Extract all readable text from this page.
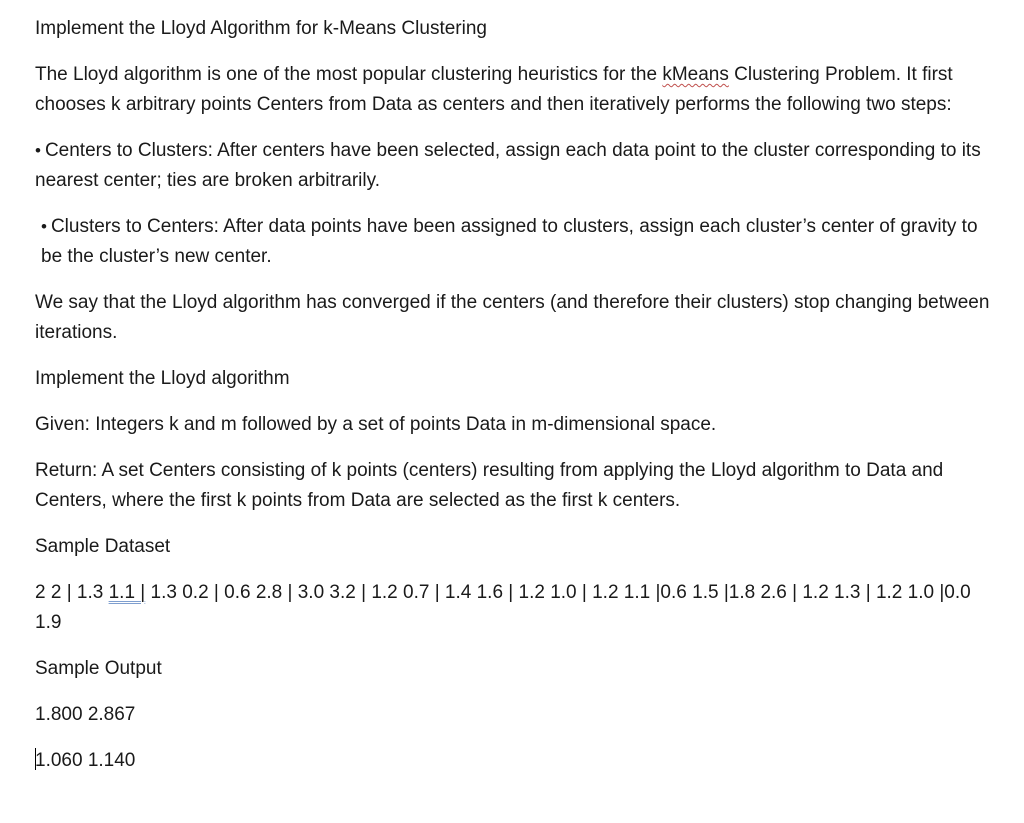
Implement the Lloyd Algorithm for k-Means Clustering

The Lloyd algorithm is one of the most popular clustering heuristics for the kMeans Clustering Problem. It first chooses k arbitrary points Centers from Data as centers and then iteratively performs the following two steps:

• Centers to Clusters: After centers have been selected, assign each data point to the cluster corresponding to its nearest center; ties are broken arbitrarily.

• Clusters to Centers: After data points have been assigned to clusters, assign each cluster’s center of gravity to be the cluster’s new center.

We say that the Lloyd algorithm has converged if the centers (and therefore their clusters) stop changing between iterations.

Implement the Lloyd algorithm

Given: Integers k and m followed by a set of points Data in m-dimensional space.

Return: A set Centers consisting of k points (centers) resulting from applying the Lloyd algorithm to Data and Centers, where the first k points from Data are selected as the first k centers.

Sample Dataset

2 2 | 1.3 1.1 | 1.3 0.2 | 0.6 2.8 | 3.0 3.2 | 1.2 0.7 | 1.4 1.6 | 1.2 1.0 | 1.2 1.1 |0.6 1.5 |1.8 2.6 | 1.2 1.3 | 1.2 1.0 |0.0 1.9

Sample Output

1.800 2.867

1.060 1.140
